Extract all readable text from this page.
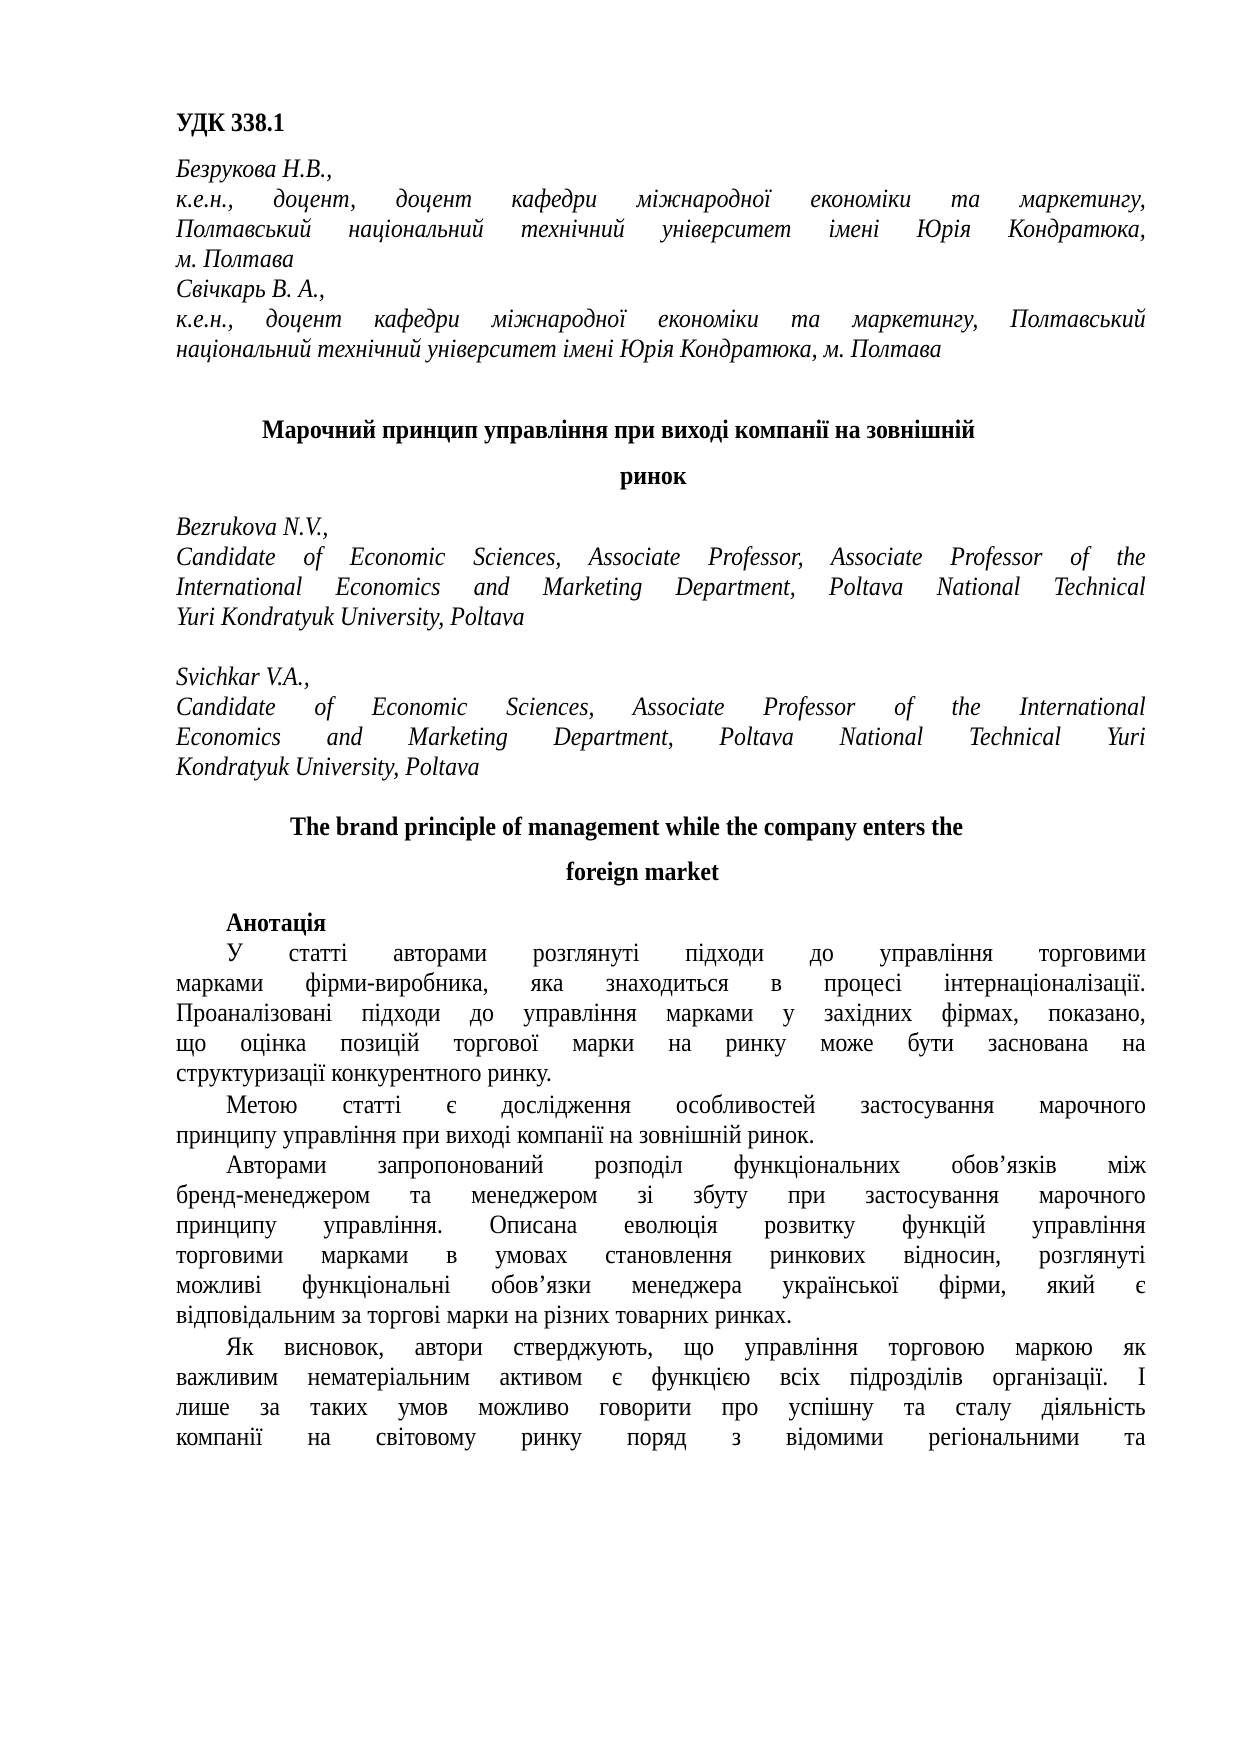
УДК 338.1
Безрукова Н.В.,
к.е.н., доцент, доцент кафедри міжнародної економіки та маркетингу,
Полтавський національний технічний університет імені Юрія Кондратюка,
м. Полтава
Свічкарь В. А.,
к.е.н., доцент кафедри міжнародної економіки та маркетингу, Полтавський
національний технічний університет імені Юрія Кондратюка, м. Полтава
Марочний принцип управління при виході компанії на зовнішній
ринок
Bezrukova N.V.,
Candidate of Economic Sciences, Associate Professor, Associate Professor of the
International Economics and Marketing Department, Poltava National Technical
Yuri Kondratyuk University, Poltava
Svichkar V.A.,
Candidate of Economic Sciences, Associate Professor of the International
Economics and Marketing Department, Poltava National Technical Yuri
Kondratyuk University, Poltava
The brand principle of management while the company enters the
foreign market
Анотація
У статті авторами розглянуті підходи до управління торговими
марками фірми-виробника, яка знаходиться в процесі інтернаціоналізації.
Проаналізовані підходи до управління марками у західних фірмах, показано,
що оцінка позицій торгової марки на ринку може бути заснована на
структуризації конкурентного ринку.
Метою статті є дослідження особливостей застосування марочного
принципу управління при виході компанії на зовнішній ринок.
Авторами запропонований розподіл функціональних обов’язків між
бренд-менеджером та менеджером зі збуту при застосування марочного
принципу управління. Описана еволюція розвитку функцій управління
торговими марками в умовах становлення ринкових відносин, розглянуті
можливі функціональні обов’язки менеджера української фірми, який є
відповідальним за торгові марки на різних товарних ринках.
Як висновок, автори стверджують, що управління торговою маркою як
важливим нематеріальним активом є функцією всіх підрозділів організації. І
лише за таких умов можливо говорити про успішну та сталу діяльність
компанії на світовому ринку поряд з відомими регіональними та
